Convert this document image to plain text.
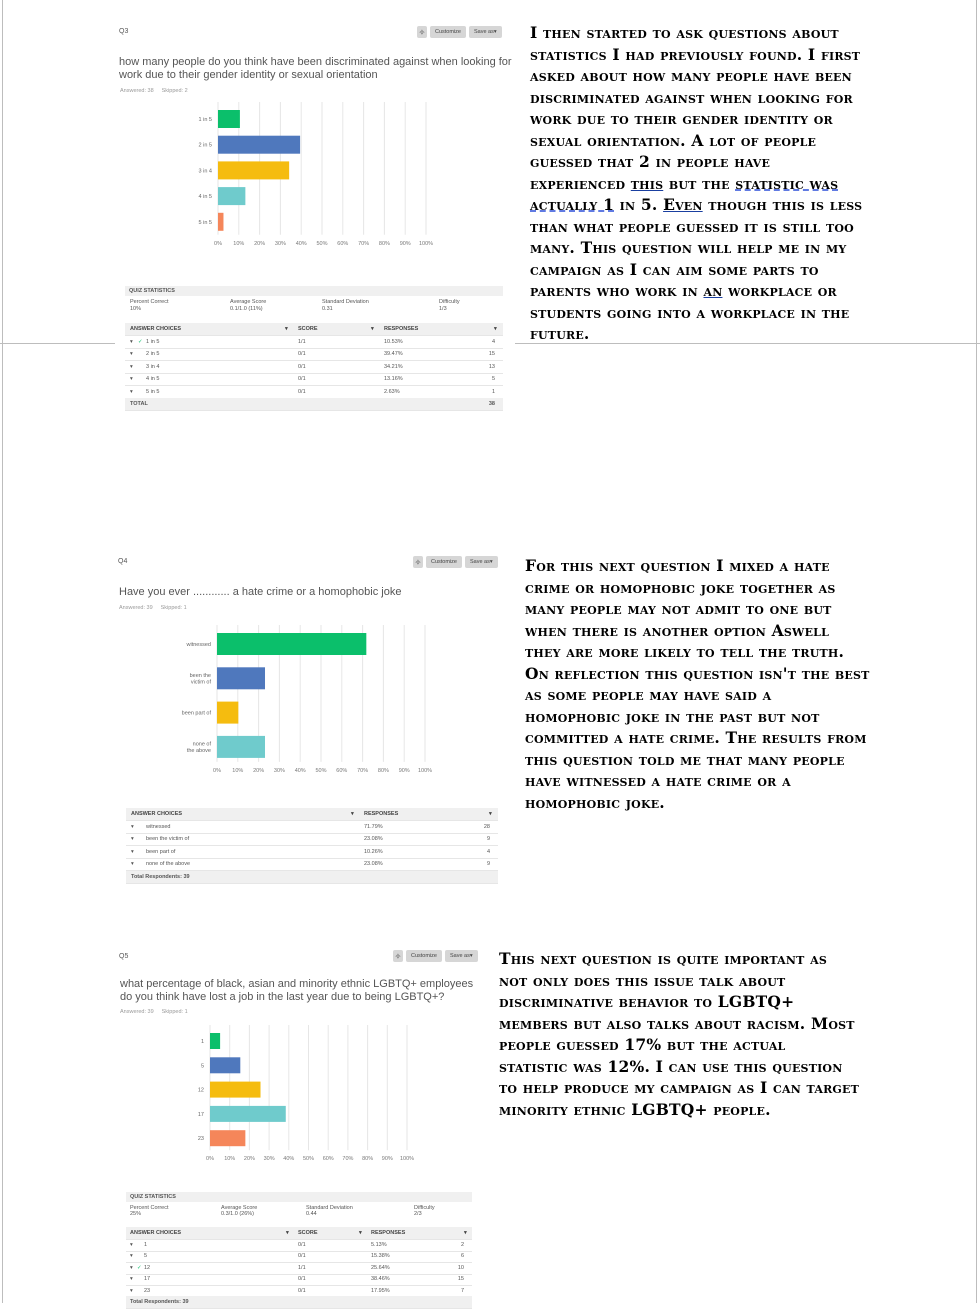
Q3	✧	Customize	Save as▾
how many people do you think have been discriminated against when looking for work due to their gender identity or sexual orientation
Answered: 38 Skipped: 2
0% 10% 20% 30% 40% 50% 60% 70% 80% 90% 100%
1 in 5
2 in 5
3 in 4
4 in 5
5 in 5
QUIZ STATISTICS
Percent Correct
10%
Average Score
0.1/1.0 (11%)
Standard Deviation
0.31
Difficulty
1/3
ANSWER CHOICES	▾ SCORE	▾ RESPONSES	▾
▾ ✓ 1 in 5	1/1	10.53%	4
▾ 2 in 5	0/1	39.47%	15
▾ 3 in 4	0/1	34.21%	13
▾ 4 in 5	0/1	13.16%	5
▾ 5 in 5	0/1	2.63%	1
TOTAL	38
Q4	✧	Customize	Save as▾
Have you ever ............ a hate crime or a homophobic joke
Answered: 39 Skipped: 1
0% 10% 20% 30% 40% 50% 60% 70% 80% 90% 100%
witnessed
been the
victim of
been part of
none of
the above
ANSWER CHOICES	▾ RESPONSES	▾
▾ witnessed	71.79%	28
▾ been the victim of	23.08%	9
▾ been part of	10.26%	4
▾ none of the above	23.08%	9
Total Respondents: 39
Q5	✧	Customize	Save as▾
what percentage of black, asian and minority ethnic LGBTQ+ employees do you think have lost a job in the last year due to being LGBTQ+?
Answered: 39 Skipped: 1
0% 10% 20% 30% 40% 50% 60% 70% 80% 90% 100%
1
5
12
17
23
QUIZ STATISTICS
Percent Correct
25%
Average Score
0.3/1.0 (26%)
Standard Deviation
0.44
Difficulty
2/3
ANSWER CHOICES	▾ SCORE	▾ RESPONSES	▾
▾ 1	0/1	5.13%	2
▾ 5	0/1	15.38%	6
▾ ✓ 12	1/1	25.64%	10
▾ 17	0/1	38.46%	15
▾ 23	0/1	17.95%	7
Total Respondents: 39

I then started to ask questions about statistics I had previously found. I first asked about how many people have been discriminated against when looking for work due to their gender identity or sexual orientation. A lot of people guessed that 2 in people have experienced this but the statistic was actually 1 in 5. Even though this is less than what people guessed it is still too many. This question will help me in my campaign as I can aim some parts to parents who work in an workplace or students going into a workplace in the future.

For this next question I mixed a hate crime or homophobic joke together as many people may not admit to one but when there is another option Aswell they are more likely to tell the truth. On reflection this question isn't the best as some people may have said a homophobic joke in the past but not committed a hate crime. The results from this question told me that many people have witnessed a hate crime or a homophobic joke.

This next question is quite important as not only does this issue talk about discriminative behavior to LGBTQ+ members but also talks about racism. Most people guessed 17% but the actual statistic was 12%. I can use this question to help produce my campaign as I can target minority ethnic LGBTQ+ people.
